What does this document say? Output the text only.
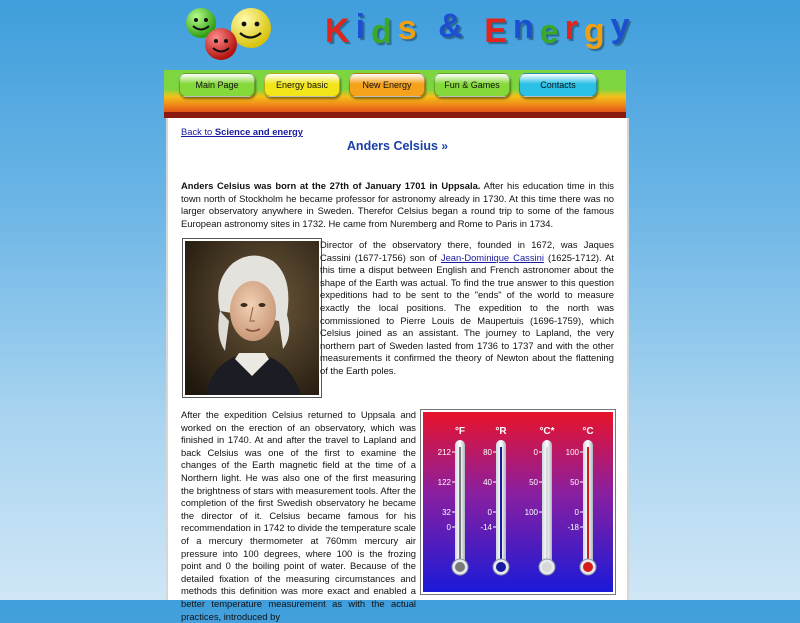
Kids & Energy
Main Page	Energy basic	New Energy	Fun & Games	Contacts
Back to Science and energy
Anders Celsius »

Anders Celsius was born at the 27th of January 1701 in Uppsala. After his education time in this town north of Stockholm he became professor for astronomy already in 1730. At this time there was no larger observatory anywhere in Sweden. Therefor Celsius began a round trip to some of the famous European astronomy sites in 1732. He came from Nuremberg and Rome to Paris in 1734.

Director of the observatory there, founded in 1672, was Jaques Cassini (1677-1756) son of Jean-Dominique Cassini (1625-1712). At this time a disput between English and French astronomer about the shape of the Earth was actual. To find the true answer to this question expeditions had to be sent to the "ends" of the world to measure exactly the local positions. The expedition to the north was commissioned to Pierre Louis de Maupertuis (1696-1759), which Celsius joined as an assistant. The journey to Lapland, the very northern part of Sweden lasted from 1736 to 1737 and with the other measurements it confirmed the theory of Newton about the flattening of the Earth poles.

After the expedition Celsius returned to Uppsala and worked on the erection of an observatory, which was finished in 1740. At and after the travel to Lapland and back Celsius was one of the first to examine the changes of the Earth magnetic field at the time of a Northern light. He was also one of the first measuring the brightness of stars with measurement tools. After the completion of the first Swedish observatory he became the director of it. Celsius became famous for his recommendation in 1742 to divide the temperature scale of a mercury thermometer at 760mm mercury air pressure into 100 degrees, where 100 is the frozing point and 0 the boiling point of water. Because of the detailed fixation of the measuring circumstances and methods this definition was more exact and enabled a better temperature measurement as with the actual practices, introduced by

°F
212
122
32
0
°R
80
40
0
-14
°C*
0
50
100
°C
100
50
0
-18
